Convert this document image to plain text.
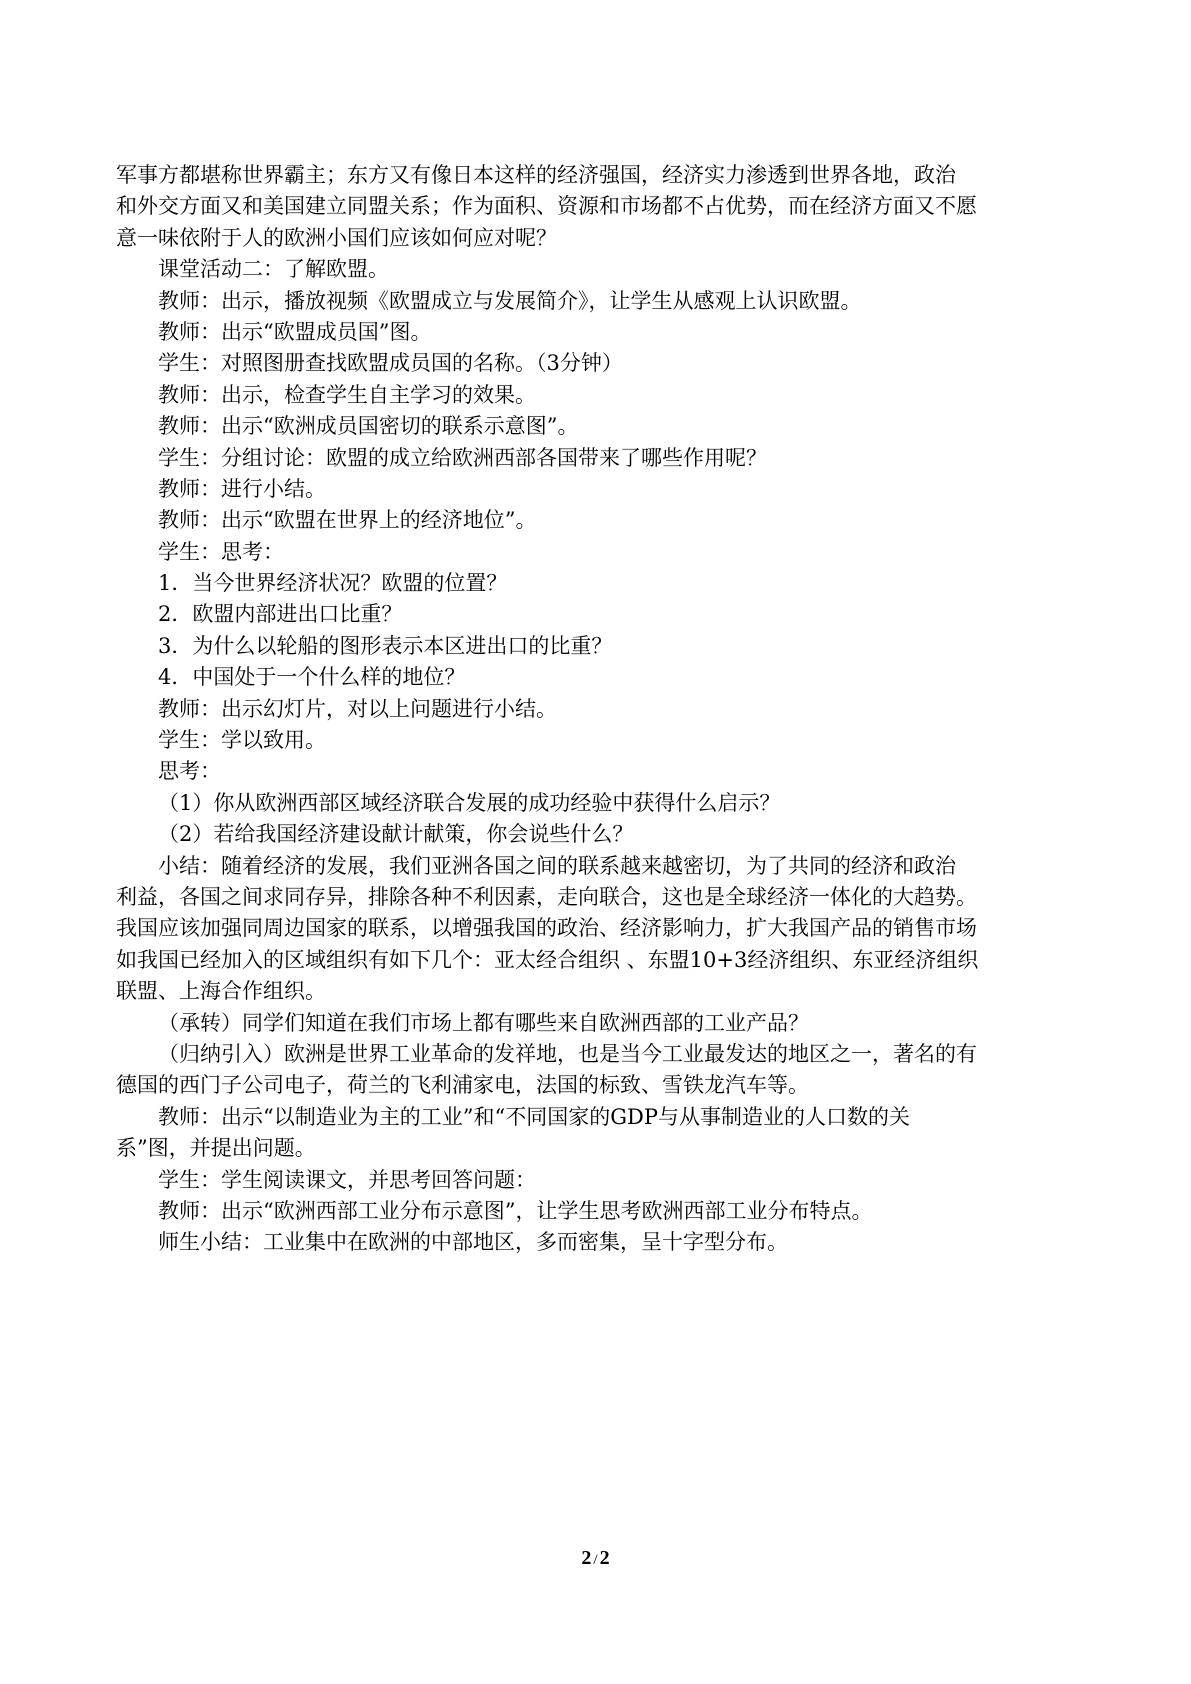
军事方都堪称世界霸主；东方又有像日本这样的经济强国，经济实力渗透到世界各地，政治
和外交方面又和美国建立同盟关系；作为面积、资源和市场都不占优势，而在经济方面又不愿
意一味依附于人的欧洲小国们应该如何应对呢？
课堂活动二：了解欧盟。
教师：出示，播放视频《欧盟成立与发展简介》，让学生从感观上认识欧盟。
教师：出示“欧盟成员国”图。
学生：对照图册查找欧盟成员国的名称。（3分钟）
教师：出示，检查学生自主学习的效果。
教师：出示“欧洲成员国密切的联系示意图”。
学生：分组讨论：欧盟的成立给欧洲西部各国带来了哪些作用呢？
教师：进行小结。
教师：出示“欧盟在世界上的经济地位”。
学生：思考：
1．当今世界经济状况？欧盟的位置？
2．欧盟内部进出口比重？
3．为什么以轮船的图形表示本区进出口的比重？
4．中国处于一个什么样的地位？
教师：出示幻灯片，对以上问题进行小结。
学生：学以致用。
思考：
（1）你从欧洲西部区域经济联合发展的成功经验中获得什么启示？
（2）若给我国经济建设献计献策，你会说些什么？
小结：随着经济的发展，我们亚洲各国之间的联系越来越密切，为了共同的经济和政治
利益，各国之间求同存异，排除各种不利因素，走向联合，这也是全球经济一体化的大趋势。
我国应该加强同周边国家的联系，以增强我国的政治、经济影响力，扩大我国产品的销售市场
如我国已经加入的区域组织有如下几个：亚太经合组织 、东盟10+3经济组织、东亚经济组织
联盟、上海合作组织。
（承转）同学们知道在我们市场上都有哪些来自欧洲西部的工业产品？
（归纳引入）欧洲是世界工业革命的发祥地，也是当今工业最发达的地区之一，著名的有
德国的西门子公司电子，荷兰的飞利浦家电，法国的标致、雪铁龙汽车等。
教师：出示“以制造业为主的工业”和“不同国家的GDP与从事制造业的人口数的关
系”图，并提出问题。
学生：学生阅读课文，并思考回答问题：
教师：出示“欧洲西部工业分布示意图”，让学生思考欧洲西部工业分布特点。
师生小结：工业集中在欧洲的中部地区，多而密集，呈十字型分布。
2 / 2
